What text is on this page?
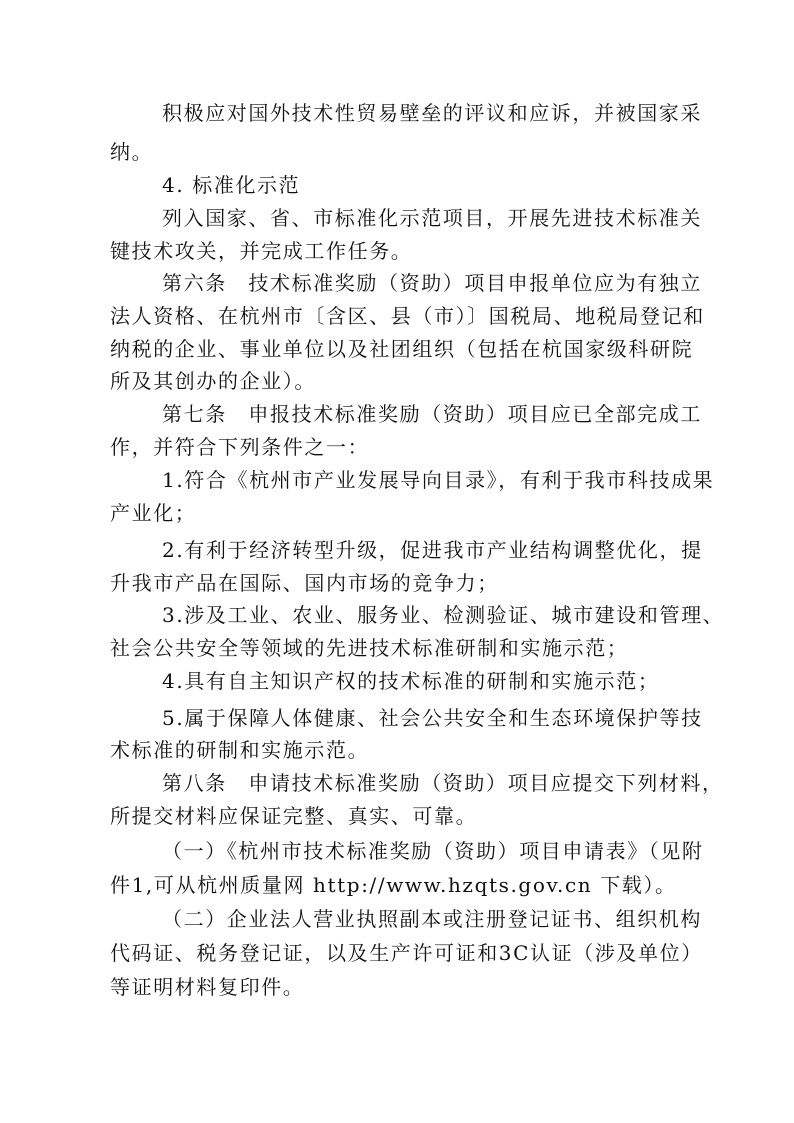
积极应对国外技术性贸易壁垒的评议和应诉，并被国家采
纳。
4. 标准化示范
列入国家、省、市标准化示范项目，开展先进技术标准关
键技术攻关，并完成工作任务。
第六条　技术标准奖励（资助）项目申报单位应为有独立
法人资格、在杭州市〔含区、县（市）〕国税局、地税局登记和
纳税的企业、事业单位以及社团组织（包括在杭国家级科研院
所及其创办的企业）。
第七条　申报技术标准奖励（资助）项目应已全部完成工
作，并符合下列条件之一：
1.符合《杭州市产业发展导向目录》，有利于我市科技成果
产业化；
2.有利于经济转型升级，促进我市产业结构调整优化，提
升我市产品在国际、国内市场的竞争力；
3.涉及工业、农业、服务业、检测验证、城市建设和管理、
社会公共安全等领域的先进技术标准研制和实施示范；
4.具有自主知识产权的技术标准的研制和实施示范；
5.属于保障人体健康、社会公共安全和生态环境保护等技
术标准的研制和实施示范。
第八条　申请技术标准奖励（资助）项目应提交下列材料，
所提交材料应保证完整、真实、可靠。
（一）《杭州市技术标准奖励（资助）项目申请表》（见附
件1,可从杭州质量网 http://www.hzqts.gov.cn 下载）。
（二）企业法人营业执照副本或注册登记证书、组织机构
代码证、税务登记证，以及生产许可证和3C认证（涉及单位）
等证明材料复印件。
